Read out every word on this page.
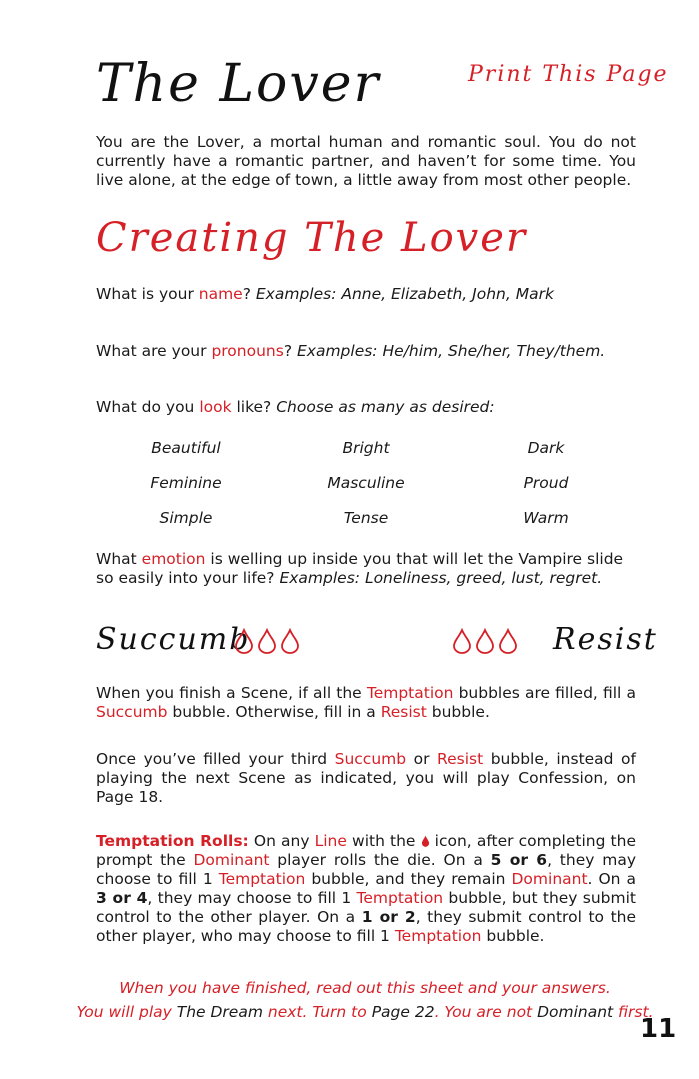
The Lover	Print This Page

You are the Lover, a mortal human and romantic soul. You do not currently have a romantic partner, and haven’t for some time. You live alone, at the edge of town, a little away from most other people.

Creating The Lover
What is your name? Examples: Anne, Elizabeth, John, Mark
What are your pronouns? Examples: He/him, She/her, They/them.
What do you look like? Choose as many as desired:
Beautiful	Bright	Dark
Feminine	Masculine	Proud
Simple	Tense	Warm
What emotion is welling up inside you that will let the Vampire slide so easily into your life? Examples: Loneliness, greed, lust, regret.
Succumb	Resist

When you finish a Scene, if all the Temptation bubbles are filled, fill a Succumb bubble. Otherwise, fill in a Resist bubble.

Once you’ve filled your third Succumb or Resist bubble, instead of playing the next Scene as indicated, you will play Confession, on Page 18.

Temptation Rolls: On any Line with the  icon, after completing the prompt the Dominant player rolls the die. On a 5 or 6, they may choose to fill 1 Temptation bubble, and they remain Dominant. On a 3 or 4, they may choose to fill 1 Temptation bubble, but they submit control to the other player. On a 1 or 2, they submit control to the other player, who may choose to fill 1 Temptation bubble.

When you have finished, read out this sheet and your answers.
You will play The Dream next. Turn to Page 22. You are not Dominant first.
11
